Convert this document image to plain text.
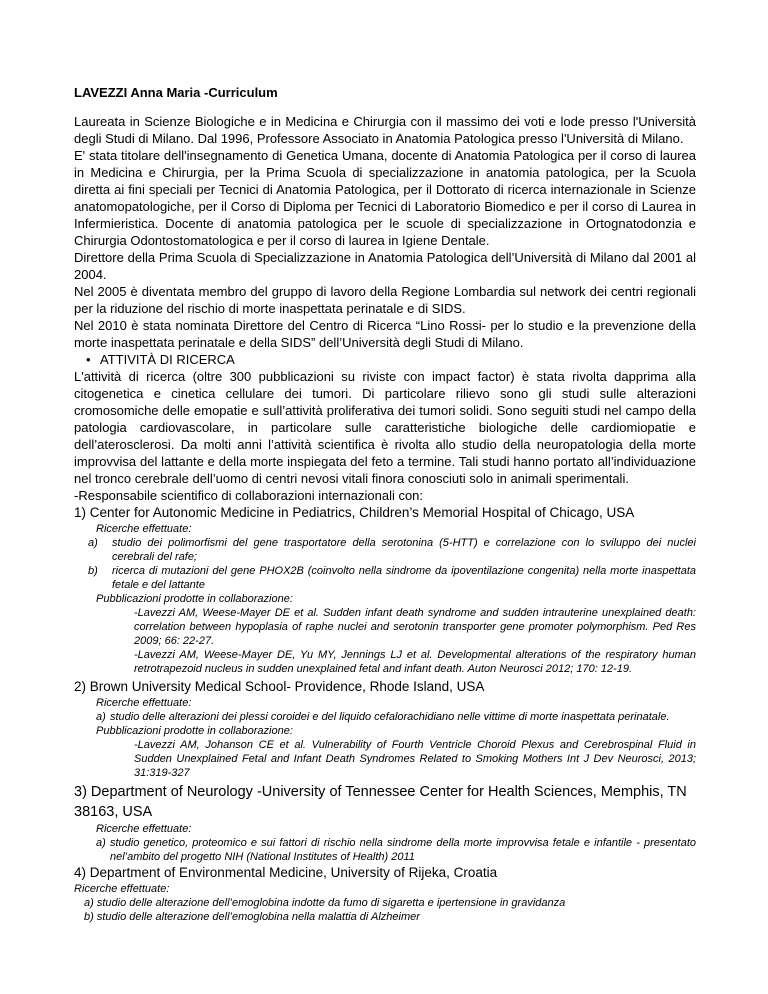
LAVEZZI Anna Maria -Curriculum

Laureata in Scienze Biologiche e in Medicina e Chirurgia con il massimo dei voti e lode presso l'Università degli Studi di Milano. Dal 1996, Professore Associato in Anatomia Patologica presso l'Università di Milano.

E' stata titolare dell'insegnamento di Genetica Umana, docente di Anatomia Patologica per il corso di laurea in Medicina e Chirurgia, per la Prima Scuola di specializzazione in anatomia patologica, per la Scuola diretta ai fini speciali per Tecnici di Anatomia Patologica, per il Dottorato di ricerca internazionale in Scienze anatomopatologiche, per il Corso di Diploma per Tecnici di Laboratorio Biomedico e per il corso di Laurea in Infermieristica. Docente di anatomia patologica per le scuole di specializzazione in Ortognatodonzia e Chirurgia Odontostomatologica e per il corso di laurea in Igiene Dentale.

Direttore della Prima Scuola di Specializzazione in Anatomia Patologica dell’Università di Milano dal 2001 al 2004.

Nel 2005 è diventata membro del gruppo di lavoro della Regione Lombardia sul network dei centri regionali per la riduzione del rischio di morte inaspettata perinatale e di SIDS.

Nel 2010 è stata nominata Direttore del Centro di Ricerca “Lino Rossi- per lo studio e la prevenzione della morte inaspettata perinatale e della SIDS” dell’Università degli Studi di Milano.

• ATTIVITÀ DI RICERCA

L'attività di ricerca (oltre 300 pubblicazioni su riviste con impact factor) è stata rivolta dapprima alla citogenetica e cinetica cellulare dei tumori. Di particolare rilievo sono gli studi sulle alterazioni cromosomiche delle emopatie e sull’attività proliferativa dei tumori solidi. Sono seguiti studi nel campo della patologia cardiovascolare, in particolare sulle caratteristiche biologiche delle cardiomiopatie e dell’aterosclerosi. Da molti anni l’attività scientifica è rivolta allo studio della neuropatologia della morte improvvisa del lattante e della morte inspiegata del feto a termine. Tali studi hanno portato all’individuazione nel tronco cerebrale dell’uomo di centri nevosi vitali finora conosciuti solo in animali sperimentali.

-Responsabile scientifico di collaborazioni internazionali con:

1) Center for Autonomic Medicine in Pediatrics, Children’s Memorial Hospital of Chicago, USA

Ricerche effettuate:
a)	studio dei polimorfismi del gene trasportatore della serotonina (5-HTT) e correlazione con lo sviluppo dei nuclei cerebrali del rafe;
b)	ricerca di mutazioni del gene PHOX2B (coinvolto nella sindrome da ipoventilazione congenita) nella morte inaspettata fetale e del lattante
Pubblicazioni prodotte in collaborazione:
-Lavezzi AM, Weese-Mayer DE et al. Sudden infant death syndrome and sudden intrauterine unexplained death: correlation between hypoplasia of raphe nuclei and serotonin transporter gene promoter polymorphism. Ped Res 2009; 66: 22-27.
-Lavezzi AM, Weese-Mayer DE, Yu MY, Jennings LJ et al. Developmental alterations of the respiratory human retrotrapezoid nucleus in sudden unexplained fetal and infant death. Auton Neurosci 2012; 170: 12-19.

2) Brown University Medical School- Providence, Rhode Island, USA

Ricerche effettuate:
a) studio delle alterazioni dei plessi coroidei e del liquido cefalorachidiano nelle vittime di morte inaspettata perinatale.
Pubblicazioni prodotte in collaborazione:
-Lavezzi AM, Johanson CE et al. Vulnerability of Fourth Ventricle Choroid Plexus and Cerebrospinal Fluid in Sudden Unexplained Fetal and Infant Death Syndromes Related to Smoking Mothers Int J Dev Neurosci, 2013; 31:319-327

3) Department of Neurology -University of Tennessee Center for Health Sciences, Memphis, TN 38163, USA

Ricerche effettuate:
a) studio genetico, proteomico e sui fattori di rischio nella sindrome della morte improvvisa fetale e infantile - presentato nel’ambito del progetto NIH (National Institutes of Health) 2011

4) Department of Environmental Medicine, University of Rijeka, Croatia

Ricerche effettuate:
a) studio delle alterazione dell’emoglobina indotte da fumo di sigaretta e ipertensione in gravidanza
b) studio delle alterazione dell’emoglobina nella malattia di Alzheimer
